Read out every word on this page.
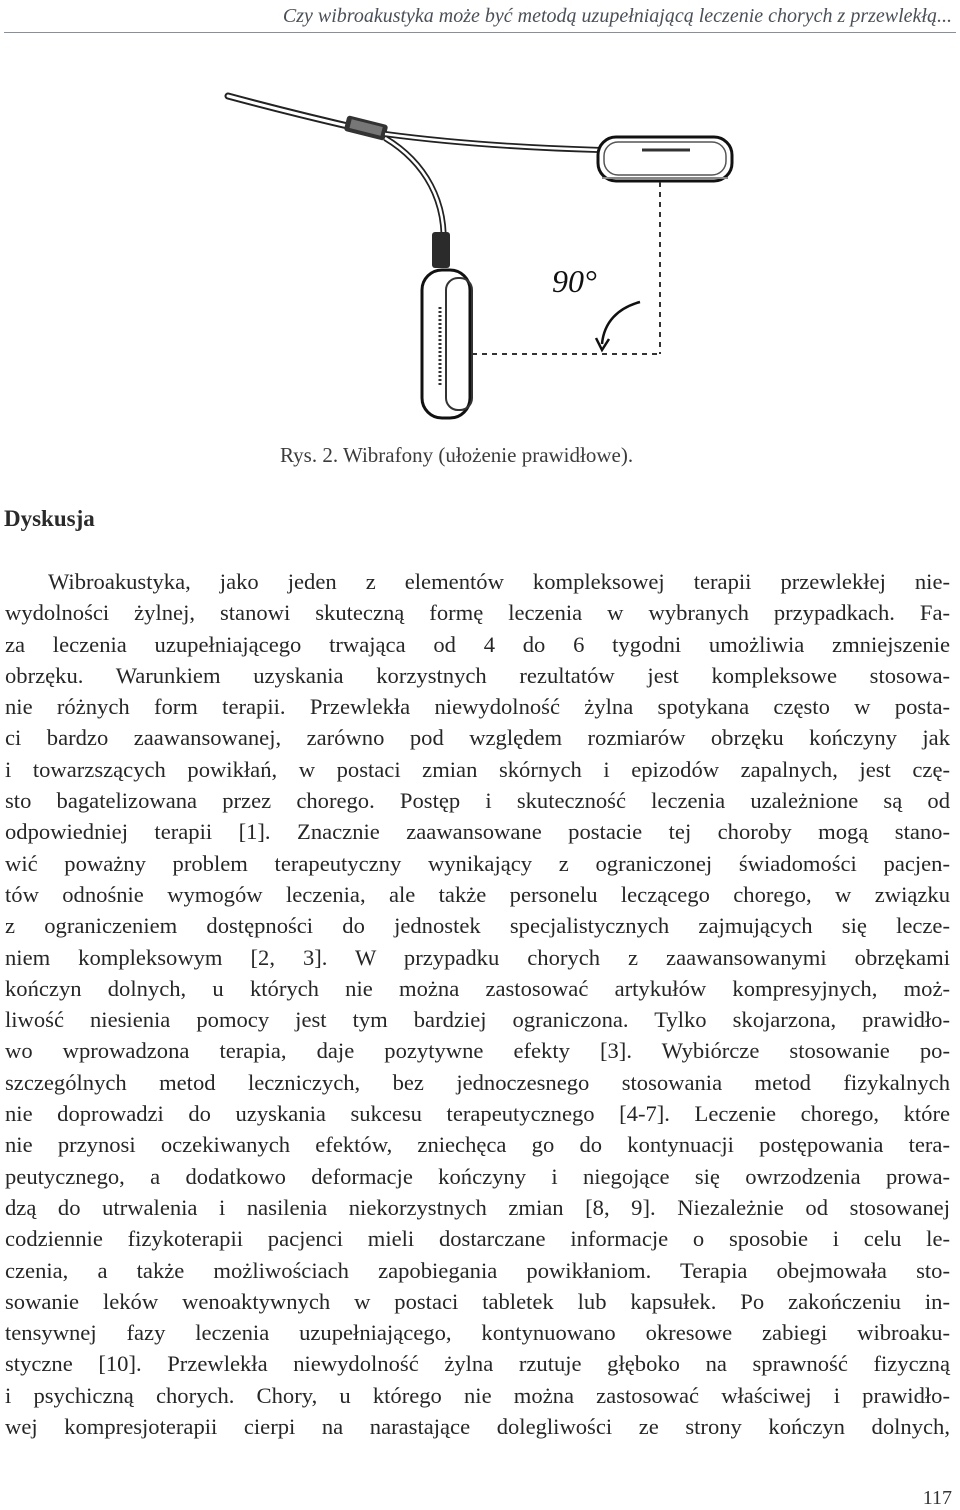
Czy wibroakustyka może być metodą uzupełniającą leczenie chorych z przewlekłą...
90°
Rys. 2. Wibrafony (ułożenie prawidłowe).
Dyskusja
Wibroakustyka, jako jeden z elementów kompleksowej terapii przewlekłej nie-
wydolności żylnej, stanowi skuteczną formę leczenia w wybranych przypadkach. Fa-
za leczenia uzupełniającego trwająca od 4 do 6 tygodni umożliwia zmniejszenie
obrzęku. Warunkiem uzyskania korzystnych rezultatów jest kompleksowe stosowa-
nie różnych form terapii. Przewlekła niewydolność żylna spotykana często w posta-
ci bardzo zaawansowanej, zarówno pod względem rozmiarów obrzęku kończyny jak
i towarzszących powikłań, w postaci zmian skórnych i epizodów zapalnych, jest czę-
sto bagatelizowana przez chorego. Postęp i skuteczność leczenia uzależnione są od
odpowiedniej terapii [1]. Znacznie zaawansowane postacie tej choroby mogą stano-
wić poważny problem terapeutyczny wynikający z ograniczonej świadomości pacjen-
tów odnośnie wymogów leczenia, ale także personelu leczącego chorego, w związku
z ograniczeniem dostępności do jednostek specjalistycznych zajmujących się lecze-
niem kompleksowym [2, 3]. W przypadku chorych z zaawansowanymi obrzękami
kończyn dolnych, u których nie można zastosować artykułów kompresyjnych, moż-
liwość niesienia pomocy jest tym bardziej ograniczona. Tylko skojarzona, prawidło-
wo wprowadzona terapia, daje pozytywne efekty [3]. Wybiórcze stosowanie po-
szczególnych metod leczniczych, bez jednoczesnego stosowania metod fizykalnych
nie doprowadzi do uzyskania sukcesu terapeutycznego [4-7]. Leczenie chorego, które
nie przynosi oczekiwanych efektów, zniechęca go do kontynuacji postępowania tera-
peutycznego, a dodatkowo deformacje kończyny i niegojące się owrzodzenia prowa-
dzą do utrwalenia i nasilenia niekorzystnych zmian [8, 9]. Niezależnie od stosowanej
codziennie fizykoterapii pacjenci mieli dostarczane informacje o sposobie i celu le-
czenia, a także możliwościach zapobiegania powikłaniom. Terapia obejmowała sto-
sowanie leków wenoaktywnych w postaci tabletek lub kapsułek. Po zakończeniu in-
tensywnej fazy leczenia uzupełniającego, kontynuowano okresowe zabiegi wibroaku-
styczne [10]. Przewlekła niewydolność żylna rzutuje głęboko na sprawność fizyczną
i psychiczną chorych. Chory, u którego nie można zastosować właściwej i prawidło-
wej kompresjoterapii cierpi na narastające dolegliwości ze strony kończyn dolnych,
117
